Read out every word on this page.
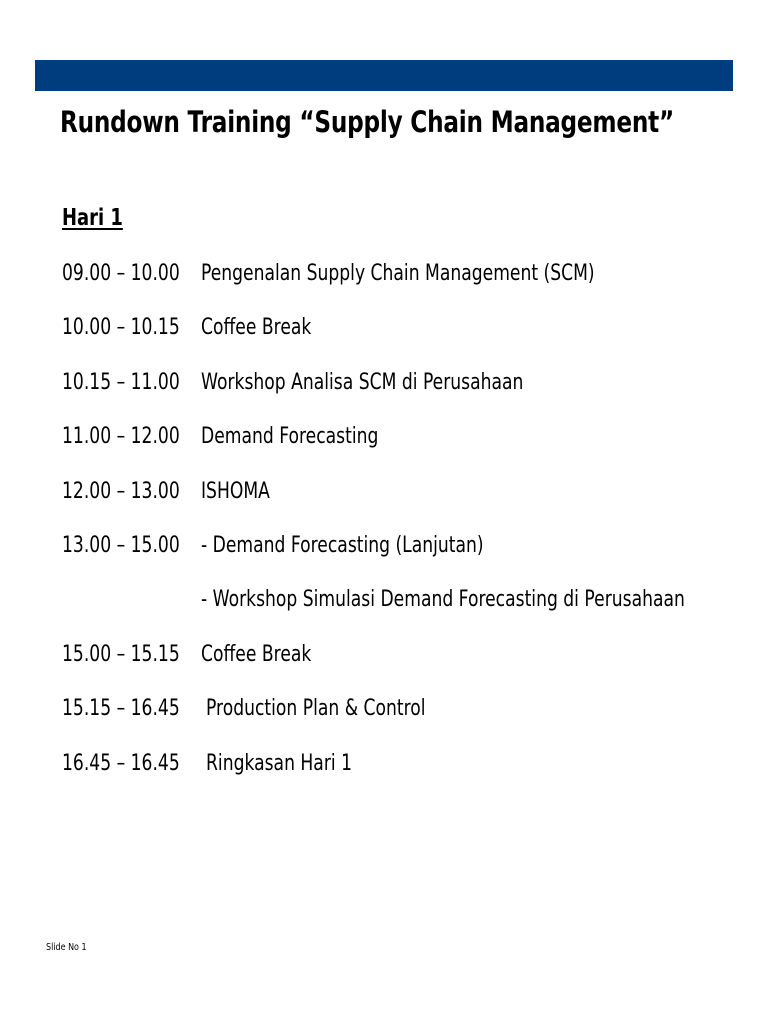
Rundown Training “Supply Chain Management”
Hari 1
09.00 – 10.00 Pengenalan Supply Chain Management (SCM)
10.00 – 10.15 Coffee Break
10.15 – 11.00 Workshop Analisa SCM di Perusahaan
11.00 – 12.00 Demand Forecasting
12.00 – 13.00 ISHOMA
13.00 – 15.00 - Demand Forecasting (Lanjutan)
- Workshop Simulasi Demand Forecasting di Perusahaan
15.00 – 15.15 Coffee Break
15.15 – 16.45 Production Plan & Control
16.45 – 16.45 Ringkasan Hari 1
Slide No 1
